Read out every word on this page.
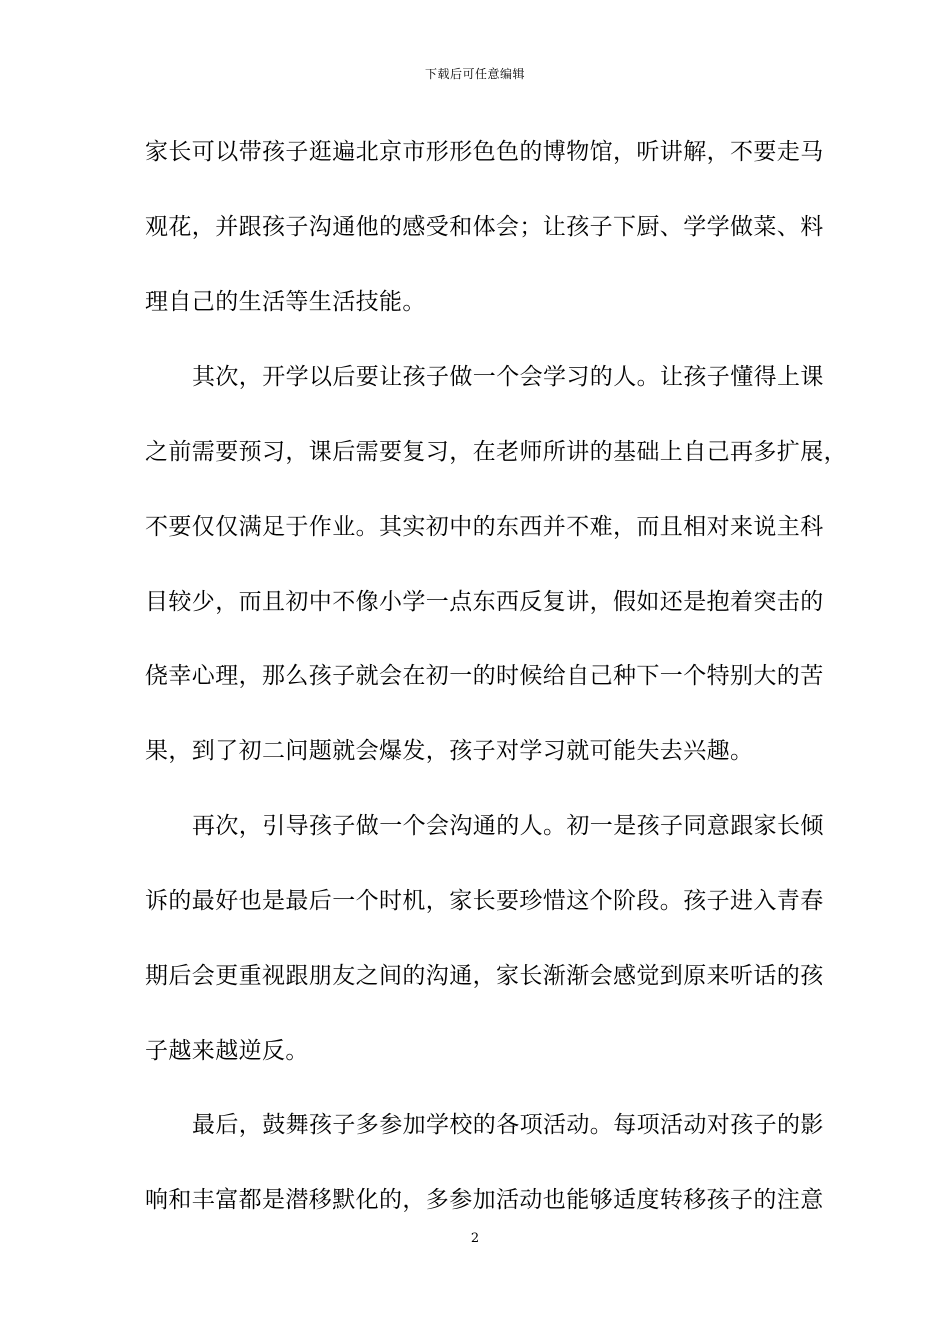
下载后可任意编辑
家长可以带孩子逛遍北京市形形色色的博物馆，听讲解，不要走马
观花，并跟孩子沟通他的感受和体会；让孩子下厨、学学做菜、料
理自己的生活等生活技能。
其次，开学以后要让孩子做一个会学习的人。让孩子懂得上课
之前需要预习，课后需要复习，在老师所讲的基础上自己再多扩展，
不要仅仅满足于作业。其实初中的东西并不难，而且相对来说主科
目较少，而且初中不像小学一点东西反复讲，假如还是抱着突击的
侥幸心理，那么孩子就会在初一的时候给自己种下一个特别大的苦
果，到了初二问题就会爆发，孩子对学习就可能失去兴趣。
再次，引导孩子做一个会沟通的人。初一是孩子同意跟家长倾
诉的最好也是最后一个时机，家长要珍惜这个阶段。孩子进入青春
期后会更重视跟朋友之间的沟通，家长渐渐会感觉到原来听话的孩
子越来越逆反。
最后，鼓舞孩子多参加学校的各项活动。每项活动对孩子的影
响和丰富都是潜移默化的，多参加活动也能够适度转移孩子的注意
2
